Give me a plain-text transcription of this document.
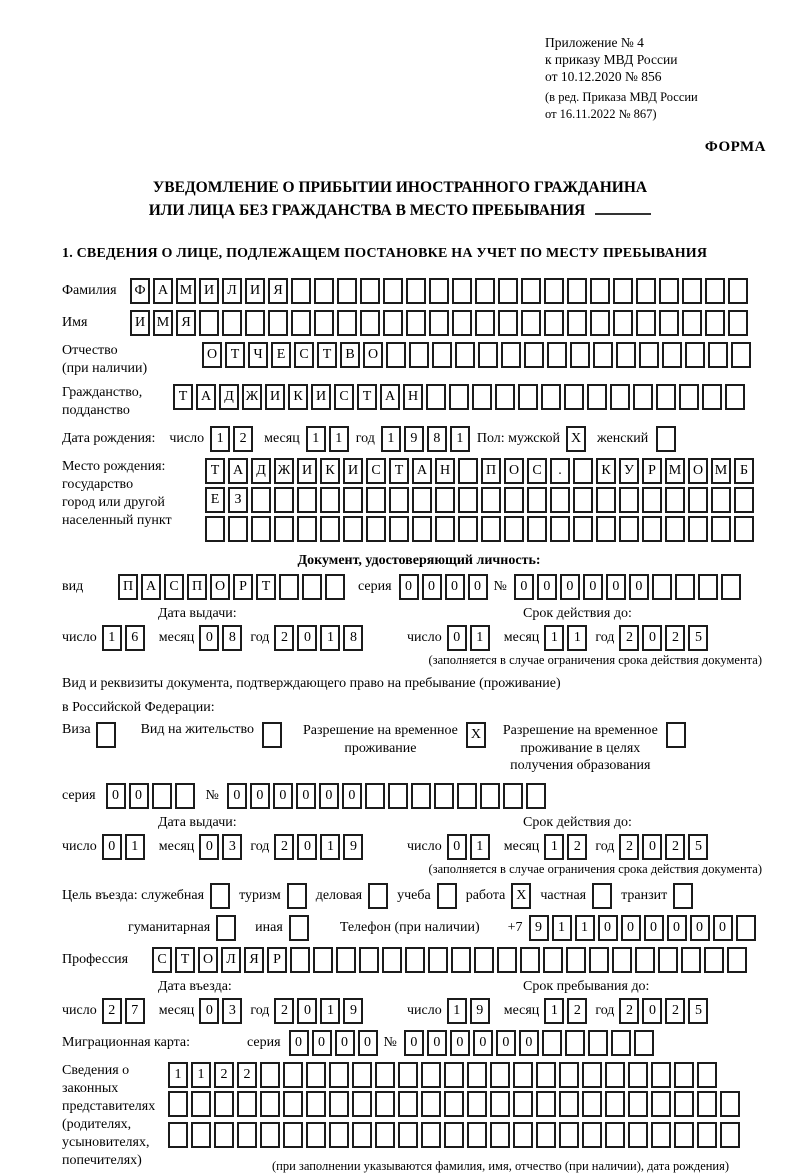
Приложение № 4
к приказу МВД России
от 10.12.2020 № 856
(в ред. Приказа МВД России
от 16.11.2022 № 867)
ФОРМА
УВЕДОМЛЕНИЕ О ПРИБЫТИИ ИНОСТРАННОГО ГРАЖДАНИНА
ИЛИ ЛИЦА БЕЗ ГРАЖДАНСТВА В МЕСТО ПРЕБЫВАНИЯ
1. СВЕДЕНИЯ О ЛИЦЕ, ПОДЛЕЖАЩЕМ ПОСТАНОВКЕ НА УЧЕТ ПО МЕСТУ ПРЕБЫВАНИЯ
Фамилия	Ф А М И Л И Я
Имя	И М Я
Отчество
(при наличии)
О Т	Ч	Е	С	Т	В О
Гражданство,
подданство
Т А Д Ж И К И С	Т А Н
Дата рождения: число 1	2	месяц 1	1 год 1	9	8	1 Пол: мужской X	женский
Место рождения:
государство
город или другой
населенный пункт
Т А Д Ж И К И С	Т А Н	П О С	.	К У	Р М О М Б

Е	З

Документ, удостоверяющий личность:
вид	П А С П О	Р	Т	серия 0	0	0	0 № 0	0	0	0	0	0
Дата выдачи:
число 1	6	месяц 0	8	год 2	0	1	8
Срок действия до:
число 0	1	месяц 1	1	год 2	0	2	5
(заполняется в случае ограничения срока действия документа)
Вид и реквизиты документа, подтверждающего право на пребывание (проживание)
в Российской Федерации:
Виза	Вид на жительство	Разрешение на временное
проживание
X	Разрешение на временное
проживание в целях
получения образования
серия	0	0	№	0	0	0	0	0	0
Дата выдачи:
число 0	1	месяц 0	3	год 2	0	1	9
Срок действия до:
число 0	1	месяц 1	2	год 2	0	2	5
(заполняется в случае ограничения срока действия документа)
Цель въезда: служебная	туризм	деловая	учеба	работа X частная	транзит
гуманитарная	иная	Телефон (при наличии) +7 9	1	1	0	0	0	0	0	0
Профессия	С	Т О Л Я	Р
Дата въезда:
число 2	7	месяц 0	3	год 2	0	1	9
Срок пребывания до:
число 1	9	месяц 1	2	год 2	0	2	5
Миграционная карта:	серия	0	0	0	0 № 0	0	0	0	0	0
Сведения о
законных
представителях
(родителях,
усыновителях,
попечителях)
1	1	2	2

(при заполнении указываются фамилия, имя, отчество (при наличии), дата рождения)
